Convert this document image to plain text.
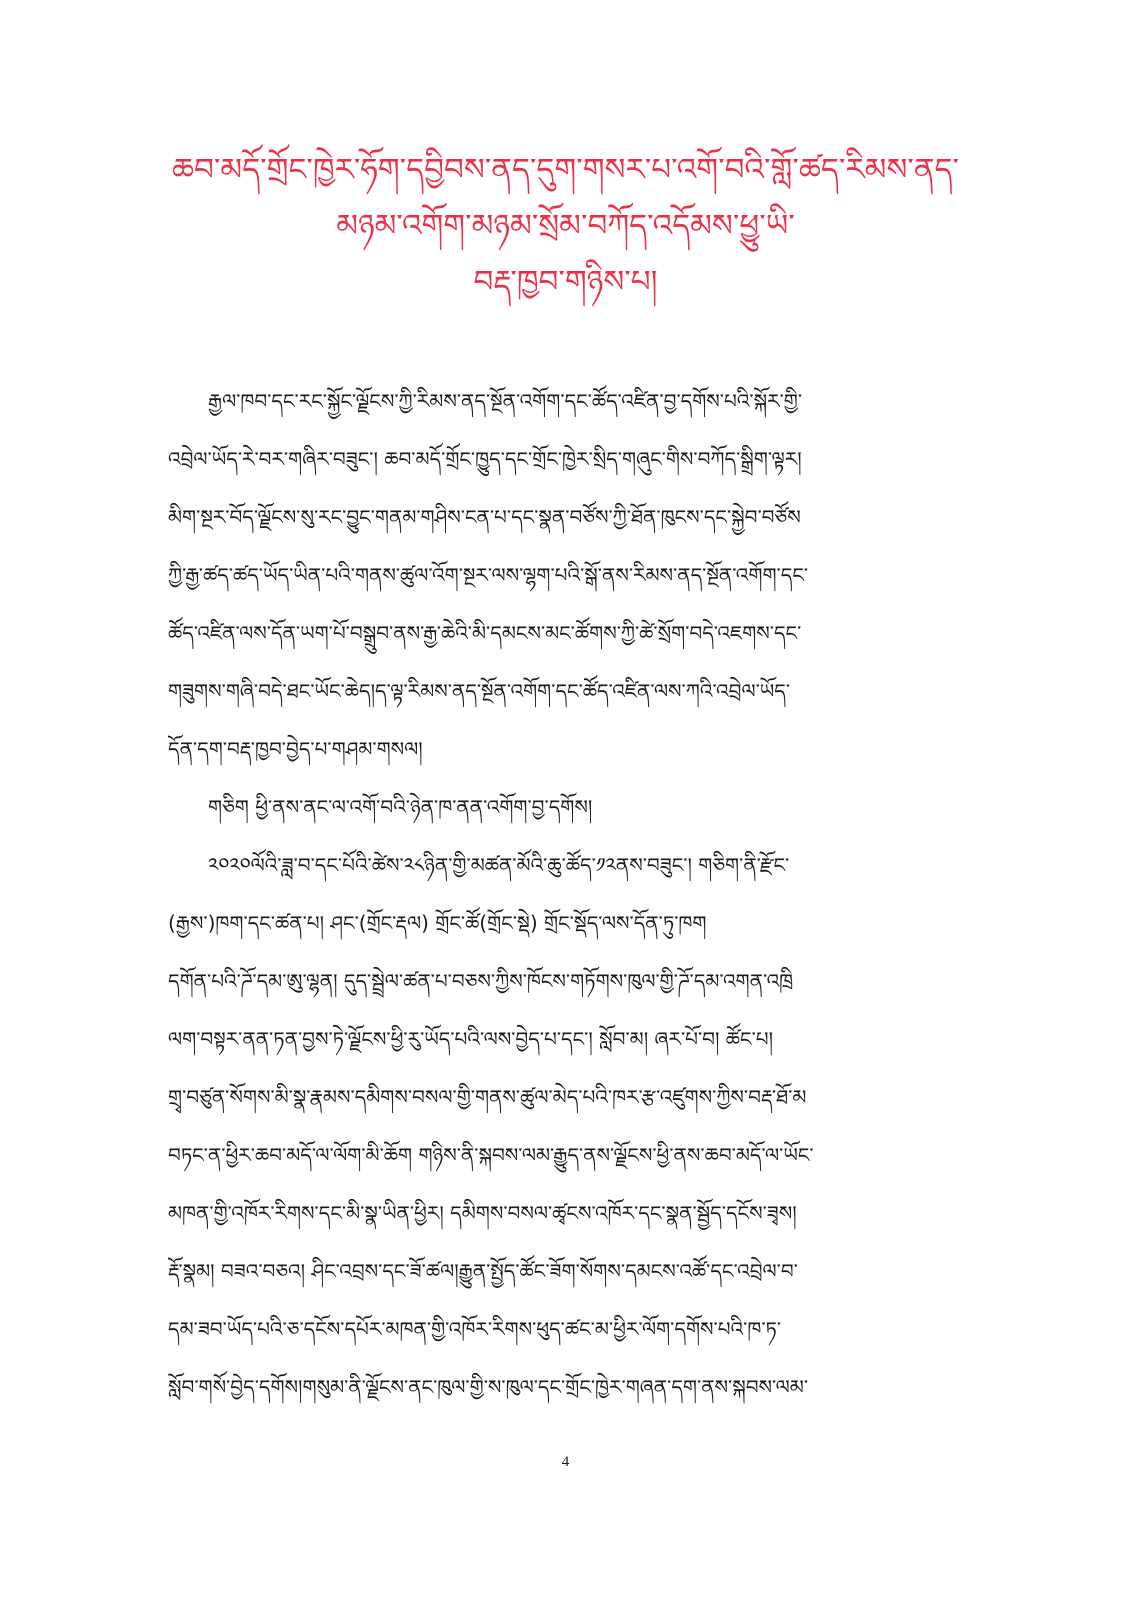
ཆབ་མདོ་གྲོང་ཁྱེར་ཧོག་དབྱིབས་ནད་དུག་གསར་པ་འགོ་བའི་གློ་ཚད་རིམས་ནད་
མཉམ་འགོག་མཉམ་སྲོམ་བཀོད་འདོམས་ཕྱུ་ཡི་
བརྡ་ཁྱབ་གཉིས་པ།
རྒྱལ་ཁབ་དང་རང་སྐྱོང་ལྗོངས་ཀྱི་རིམས་ནད་སྔོན་འགོག་དང་ཚོད་འཛིན་བྱ་དགོས་པའི་སྐོར་གྱི་
འབྲེལ་ཡོད་རེ་བར་གཞིར་བཟུང་། ཆབ་མདོ་གྲོང་ཁྱུད་དང་གྲོང་ཁྱེར་སྲིད་གཞུང་གིས་བཀོད་སྒྲིག་ལྟར།
མིག་སྔར་བོད་ལྗོངས་སུ་རང་བྱུང་གནམ་གཤིས་ངན་པ་དང་སྣན་བཙོས་ཀྱི་ཐོན་ཁུངས་དང་སྐྱེབ་བཙོས
ཀྱི་རྒྱ་ཚད་ཚད་ཡོད་ཡིན་པའི་གནས་ཚུལ་འོག་སྔར་ལས་ལྷག་པའི་སྒོ་ནས་རིམས་ནད་སྔོན་འགོག་དང་
ཚོད་འཛིན་ལས་དོན་ཡག་པོ་བསྒྲུབ་ནས་རྒྱ་ཆེའི་མི་དམངས་མང་ཚོགས་ཀྱི་ཚེ་སྲོག་བདེ་འཇགས་དང་
གཟུགས་གཞི་བདེ་ཐང་ཡོང་ཆེད།ད་ལྟ་རིམས་ནད་སྔོན་འགོག་དང་ཚོད་འཛིན་ལས་ཀའི་འབྲེལ་ཡོད་
དོན་དག་བརྡ་ཁྱབ་བྱེད་པ་གཤམ་གསལ།
གཅིག ཕྱི་ནས་ནང་ལ་འགོ་བའི་ཉེན་ཁ་ནན་འགོག་བྱ་དགོས།
༢༠༢༠ལོའི་ཟླ་བ་དང་པོའི་ཚེས་༢༨ཉིན་གྱི་མཚན་མོའི་ཆུ་ཚོད་༡༢ནས་བཟུང་། གཅིག་ནི་རྫོང་
(རྒྱས་)ཁག་དང་ཚན་པ། ཤང་(གྲོང་རྡལ) གྲོང་ཚོ(གྲོང་སྡེ) གྲོང་སྡོད་ལས་དོན་ཏུ་ཁག
དགོན་པའི་ཌོ་དམ་ཨུ་ལྷན། དུད་སྦྲེལ་ཚན་པ་བཅས་ཀྱིས་ཁོངས་གཏོགས་ཁུལ་གྱི་ཌོ་དམ་འགན་འཁྲི
ལག་བསྟར་ནན་ཏན་བྱས་ཏེ་ལྗོངས་ཕྱི་རུ་ཡོད་པའི་ལས་བྱེད་པ་དང་། སློབ་མ། ཞར་པོ་བ། ཚོང་པ།
གྲྭ་བཙུན་སོགས་མི་སྣ་རྣམས་དམིགས་བསལ་གྱི་གནས་ཚུལ་མེད་པའི་ཁར་རྩ་འཛུགས་ཀྱིས་བརྡ་ཐོ་མ
བཏང་ན་ཕྱིར་ཆབ་མདོ་ལ་ལོག་མི་ཆོག གཉིས་ནི་སྐབས་ལམ་རྒྱུད་ནས་ལྗོངས་ཕྱི་ནས་ཆབ་མདོ་ལ་ཡོང་
མཁན་གྱི་འཁོར་རིགས་དང་མི་སྣ་ཡིན་ཕྱིར། དམིགས་བསལ་ཚྭངས་འཁོར་དང་སྣན་སྦྱོད་དངོས་ཟྭས།
རྡོ་སྣམ། བཟའ་བཅའ། ཤིང་འབྲས་དང་ཟོ་ཚལ།རྒྱུན་སྤྱོད་ཚོང་ཟོག་སོགས་དམངས་འཚོ་དང་འབྲེལ་བ་
དམ་ཟབ་ཡོད་པའི་ཅ་དངོས་དཔོར་མཁན་གྱི་འཁོར་རིགས་ཕུད་ཚང་མ་ཕྱིར་ལོག་དགོས་པའི་ཁ་ཏ་
སློབ་གསོ་བྱེད་དགོས།གསུམ་ནི་ལྗོངས་ནང་ཁུལ་གྱི་ས་ཁུལ་དང་གྲོང་ཁྱེར་གཞན་དག་ནས་སྐབས་ལམ་
4
